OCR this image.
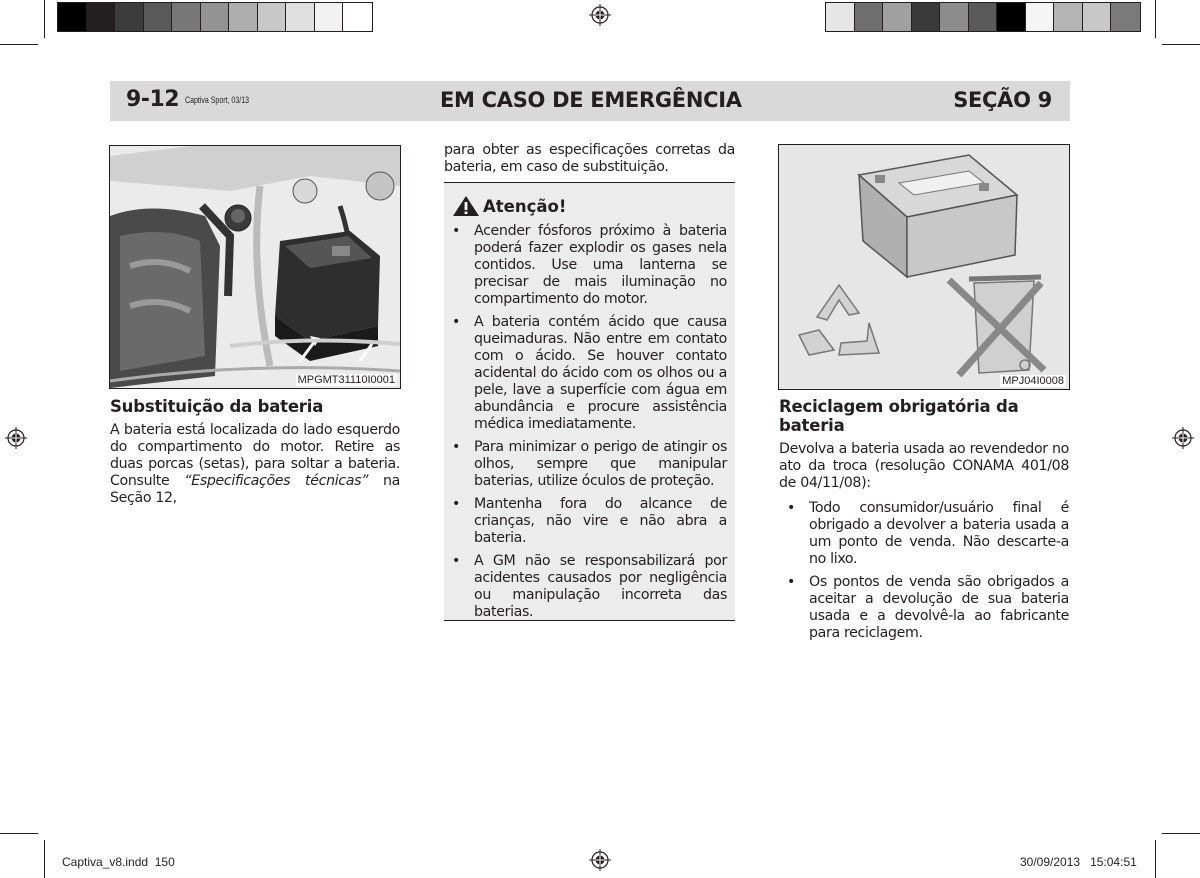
9-12 Captiva Sport, 03/13	EM CASO DE EMERGÊNCIA	SEÇÃO 9
MPGMT31110I0001
Substituição da bateria

A bateria está localizada do lado esquerdo do compartimento do motor. Retire as duas porcas (setas), para soltar a bateria. Consulte “Especificações técnicas” na Seção 12,

para obter as especificações corretas da bateria, em caso de substituição.

Atenção!
• Acender fósforos próximo à bateria poderá fazer explodir os gases nela contidos. Use uma lanterna se precisar de mais iluminação no compartimento do motor.
• A bateria contém ácido que causa queimaduras. Não entre em contato com o ácido. Se houver contato acidental do ácido com os olhos ou a pele, lave a superfície com água em abundância e procure assistência médica imediatamente.
• Para minimizar o perigo de atingir os olhos, sempre que manipular baterias, utilize óculos de proteção.
• Mantenha fora do alcance de crianças, não vire e não abra a bateria.
• A GM não se responsabilizará por acidentes causados por negligência ou manipulação incorreta das baterias.
MPJ04I0008
Reciclagem obrigatória da bateria

Devolva a bateria usada ao revendedor no ato da troca (resolução CONAMA 401/08 de 04/11/08):

• Todo consumidor/usuário final é obrigado a devolver a bateria usada a um ponto de venda. Não descarte-a no lixo.
• Os pontos de venda são obrigados a aceitar a devolução de sua bateria usada e a devolvê-la ao fabricante para reciclagem.
Captiva_v8.indd 150	30/09/2013 15:04:51
